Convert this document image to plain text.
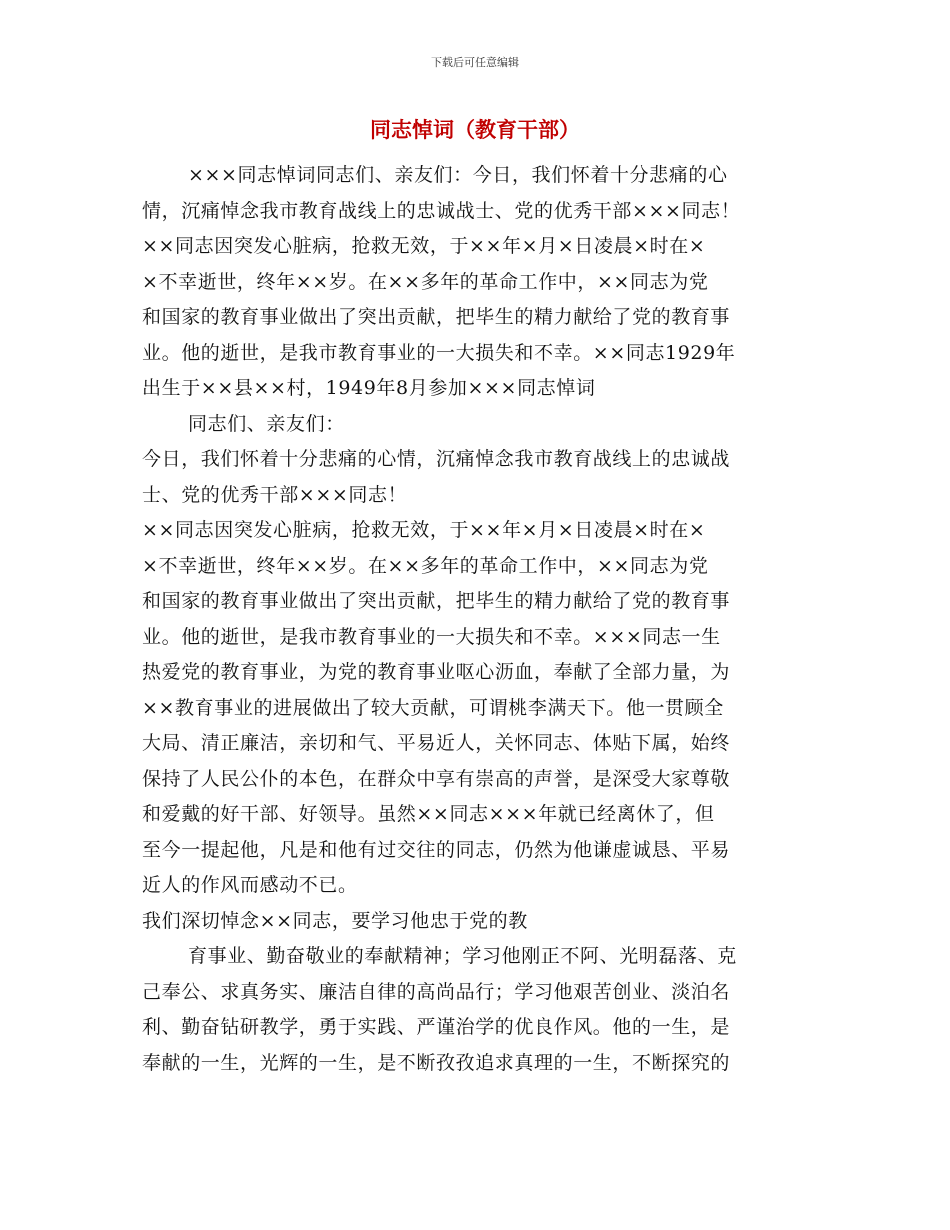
下载后可任意编辑
同志悼词（教育干部）
×××同志悼词同志们、亲友们：今日，我们怀着十分悲痛的心
情，沉痛悼念我市教育战线上的忠诚战士、党的优秀干部×××同志！
××同志因突发心脏病，抢救无效，于××年×月×日凌晨×时在×
×不幸逝世，终年××岁。在××多年的革命工作中，××同志为党
和国家的教育事业做出了突出贡献，把毕生的精力献给了党的教育事
业。他的逝世，是我市教育事业的一大损失和不幸。××同志1929年
出生于××县××村，1949年8月参加×××同志悼词
同志们、亲友们：
今日，我们怀着十分悲痛的心情，沉痛悼念我市教育战线上的忠诚战
士、党的优秀干部×××同志！
××同志因突发心脏病，抢救无效，于××年×月×日凌晨×时在×
×不幸逝世，终年××岁。在××多年的革命工作中，××同志为党
和国家的教育事业做出了突出贡献，把毕生的精力献给了党的教育事
业。他的逝世，是我市教育事业的一大损失和不幸。×××同志一生
热爱党的教育事业，为党的教育事业呕心沥血，奉献了全部力量，为
××教育事业的进展做出了较大贡献，可谓桃李满天下。他一贯顾全
大局、清正廉洁，亲切和气、平易近人，关怀同志、体贴下属，始终
保持了人民公仆的本色，在群众中享有崇高的声誉，是深受大家尊敬
和爱戴的好干部、好领导。虽然××同志×××年就已经离休了，但
至今一提起他，凡是和他有过交往的同志，仍然为他谦虚诚恳、平易
近人的作风而感动不已。
我们深切悼念××同志，要学习他忠于党的教
育事业、勤奋敬业的奉献精神；学习他刚正不阿、光明磊落、克
己奉公、求真务实、廉洁自律的高尚品行；学习他艰苦创业、淡泊名
利、勤奋钻研教学，勇于实践、严谨治学的优良作风。他的一生，是
奉献的一生，光辉的一生，是不断孜孜追求真理的一生，不断探究的
